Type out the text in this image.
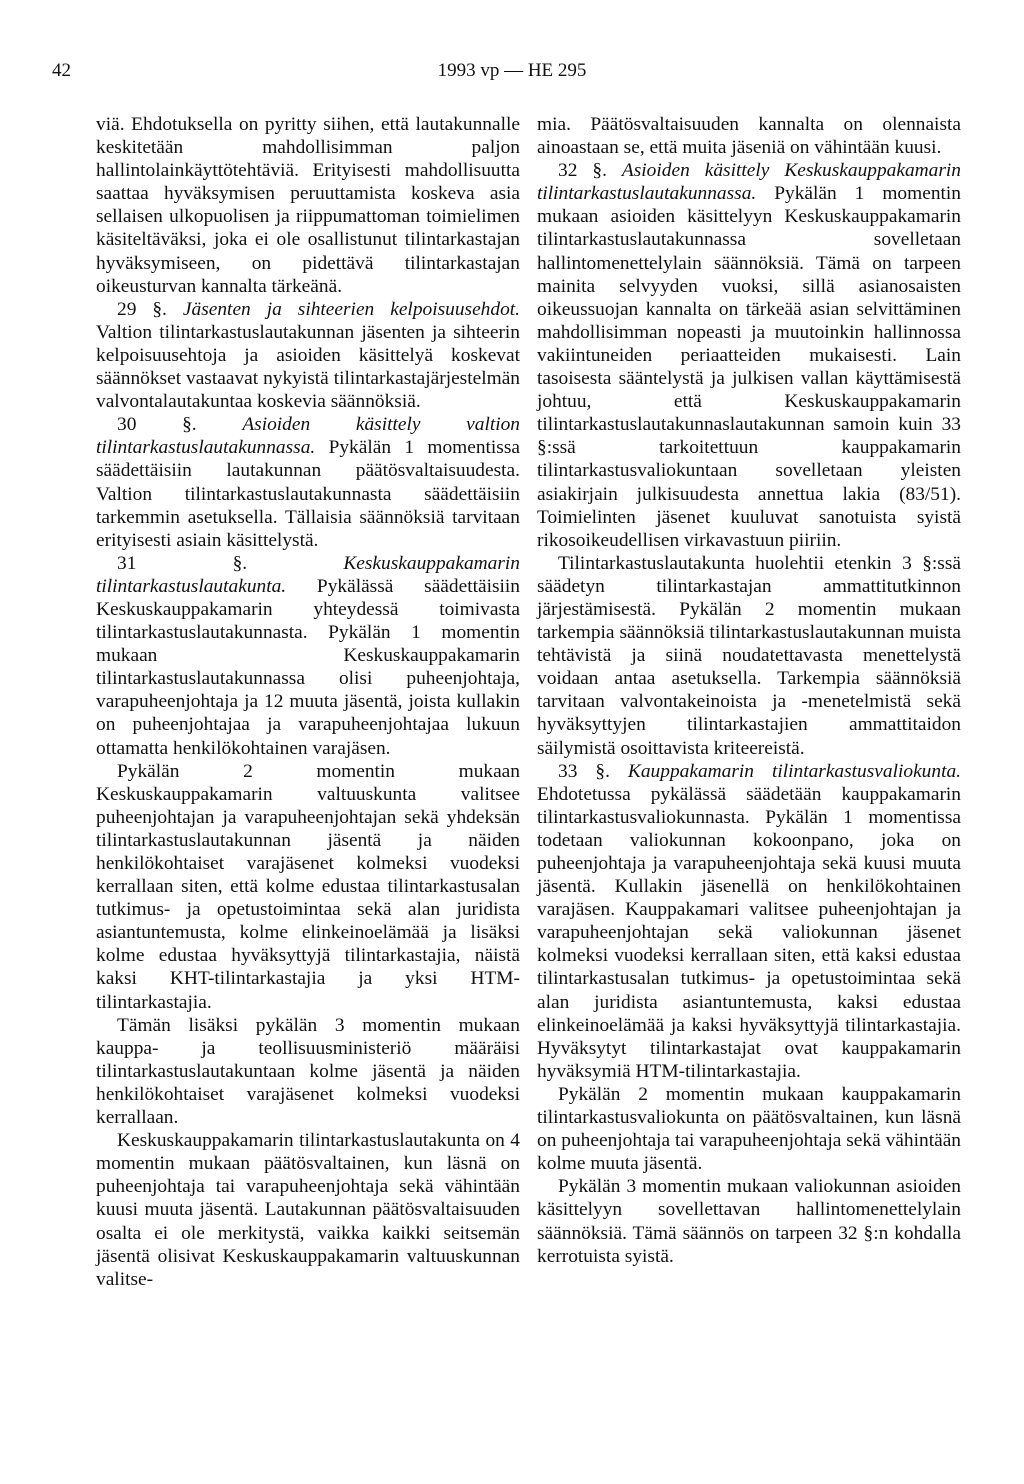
42	1993 vp — HE 295

viä. Ehdotuksella on pyritty siihen, että lautakunnalle keskitetään mahdollisimman paljon hallintolainkäyttötehtäviä. Erityisesti mahdollisuutta saattaa hyväksymisen peruuttamista koskeva asia sellaisen ulkopuolisen ja riippumattoman toimielimen käsiteltäväksi, joka ei ole osallistunut tilintarkastajan hyväksymiseen, on pidettävä tilintarkastajan oikeusturvan kannalta tärkeänä.

29 §. Jäsenten ja sihteerien kelpoisuusehdot. Valtion tilintarkastuslautakunnan jäsenten ja sihteerin kelpoisuusehtoja ja asioiden käsittelyä koskevat säännökset vastaavat nykyistä tilintarkastajärjestelmän valvontalautakuntaa koskevia säännöksiä.

30 §. Asioiden käsittely valtion tilintarkastuslautakunnassa. Pykälän 1 momentissa säädettäisiin lautakunnan päätösvaltaisuudesta. Valtion tilintarkastuslautakunnasta säädettäisiin tarkemmin asetuksella. Tällaisia säännöksiä tarvitaan erityisesti asiain käsittelystä.

31 §.	Keskuskauppakamarin tilintarkastuslautakunta. Pykälässä säädettäisiin Keskuskauppakamarin yhteydessä toimivasta tilintarkastuslautakunnasta. Pykälän 1 momentin mukaan Keskuskauppakamarin tilintarkastuslautakunnassa olisi puheenjohtaja, varapuheenjohtaja ja 12 muuta jäsentä, joista kullakin on puheenjohtajaa ja varapuheenjohtajaa lukuun ottamatta henkilökohtainen varajäsen.

Pykälän 2 momentin mukaan Keskuskauppakamarin valtuuskunta valitsee puheenjohtajan ja varapuheenjohtajan sekä yhdeksän tilintarkastuslautakunnan jäsentä ja näiden henkilökohtaiset varajäsenet kolmeksi vuodeksi kerrallaan siten, että kolme edustaa tilintarkastusalan tutkimus- ja opetustoimintaa sekä alan juridista asiantuntemusta, kolme elinkeinoelämää ja lisäksi kolme edustaa hyväksyttyjä tilintarkastajia, näistä kaksi KHT-tilintarkastajia ja yksi HTM-tilintarkastajia.

Tämän lisäksi pykälän 3 momentin mukaan kauppa- ja teollisuusministeriö määräisi tilintarkastuslautakuntaan kolme jäsentä ja näiden henkilökohtaiset varajäsenet kolmeksi vuodeksi kerrallaan.

Keskuskauppakamarin tilintarkastuslautakunta on 4 momentin mukaan päätösvaltainen, kun läsnä on puheenjohtaja tai varapuheenjohtaja sekä vähintään kuusi muuta jäsentä. Lautakunnan päätösvaltaisuuden osalta ei ole merkitystä, vaikka kaikki seitsemän jäsentä olisivat Keskuskauppakamarin valtuuskunnan valitse-

mia. Päätösvaltaisuuden kannalta on olennaista ainoastaan se, että muita jäseniä on vähintään kuusi.

32 §. Asioiden käsittely Keskuskauppakamarin tilintarkastuslautakunnassa. Pykälän 1 momentin mukaan asioiden käsittelyyn Keskuskauppakamarin tilintarkastuslautakunnassa sovelletaan hallintomenettelylain säännöksiä. Tämä on tarpeen mainita selvyyden vuoksi, sillä asianosaisten oikeussuojan kannalta on tärkeää asian selvittäminen mahdollisimman nopeasti ja muutoinkin hallinnossa vakiintuneiden periaatteiden mukaisesti. Lain tasoisesta sääntelystä ja julkisen vallan käyttämisestä johtuu, että Keskuskauppakamarin tilintarkastuslautakunnaslautakunnan samoin kuin 33 §:ssä tarkoitettuun kauppakamarin tilintarkastusvaliokuntaan sovelletaan yleisten asiakirjain julkisuudesta annettua lakia (83/51). Toimielinten jäsenet kuuluvat sanotuista syistä rikosoikeudellisen virkavastuun piiriin.

Tilintarkastuslautakunta huolehtii etenkin 3 §:ssä säädetyn tilintarkastajan ammattitutkinnon järjestämisestä. Pykälän 2 momentin mukaan tarkempia säännöksiä tilintarkastuslautakunnan muista tehtävistä ja siinä noudatettavasta menettelystä voidaan antaa asetuksella. Tarkempia säännöksiä tarvitaan valvontakeinoista ja -menetelmistä sekä hyväksyttyjen tilintarkastajien ammattitaidon säilymistä osoittavista kriteereistä.

33 §. Kauppakamarin tilintarkastusvaliokunta. Ehdotetussa pykälässä säädetään kauppakamarin tilintarkastusvaliokunnasta. Pykälän 1 momentissa todetaan valiokunnan kokoonpano, joka on puheenjohtaja ja varapuheenjohtaja sekä kuusi muuta jäsentä. Kullakin jäsenellä on henkilökohtainen varajäsen. Kauppakamari valitsee puheenjohtajan ja varapuheenjohtajan sekä valiokunnan jäsenet kolmeksi vuodeksi kerrallaan siten, että kaksi edustaa tilintarkastusalan tutkimus- ja opetustoimintaa sekä alan juridista asiantuntemusta, kaksi edustaa elinkeinoelämää ja kaksi hyväksyttyjä tilintarkastajia. Hyväksytyt tilintarkastajat ovat kauppakamarin hyväksymiä HTM-tilintarkastajia.

Pykälän 2 momentin mukaan kauppakamarin tilintarkastusvaliokunta on päätösvaltainen, kun läsnä on puheenjohtaja tai varapuheenjohtaja sekä vähintään kolme muuta jäsentä.

Pykälän 3 momentin mukaan valiokunnan asioiden käsittelyyn sovellettavan hallintomenettelylain säännöksiä. Tämä säännös on tarpeen 32 §:n kohdalla kerrotuista syistä.
